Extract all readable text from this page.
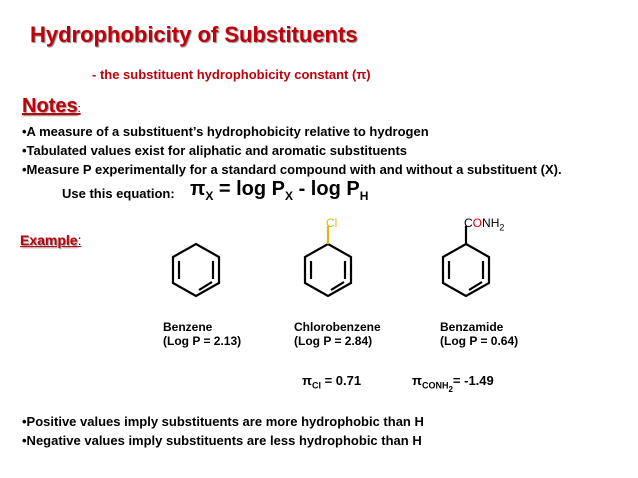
Hydrophobicity of Substituents
- the substituent hydrophobicity constant (π)
Notes:
•A measure of a substituent’s hydrophobicity relative to hydrogen
•Tabulated values exist for aliphatic and aromatic substituents
•Measure P experimentally for a standard compound with and without a substituent (X).
Use this equation: $\pi_X = \log P_X - \log P_H$
Example:
Cl	$CONH_2$
Benzene
(Log P = 2.13)
Chlorobenzene
(Log P = 2.84)
Benzamide
(Log P = 0.64)
$\pi_{Cl} = 0.71$	$\pi_{CONH2}= -1.49$
•Positive values imply substituents are more hydrophobic than H
•Negative values imply substituents are less hydrophobic than H
